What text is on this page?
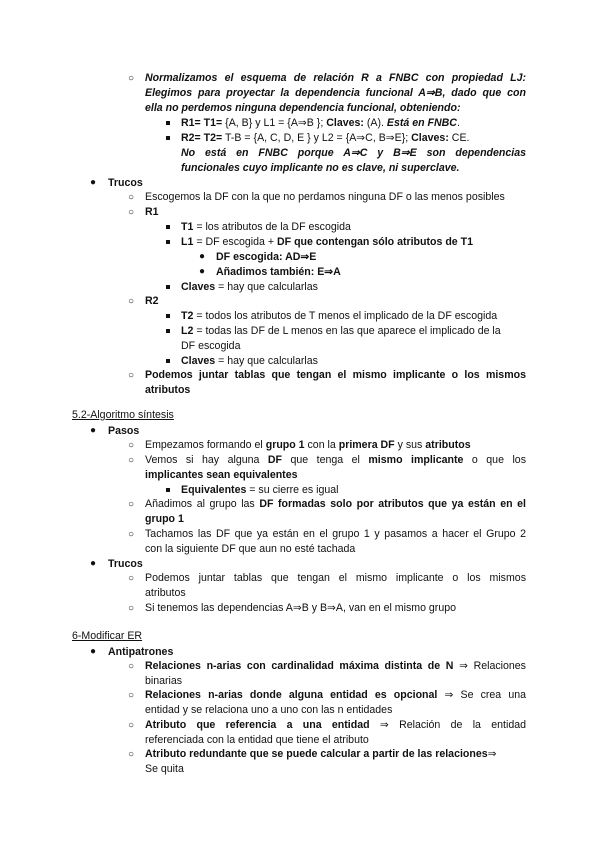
○ Normalizamos el esquema de relación R a FNBC con propiedad LJ:
Elegimos para proyectar la dependencia funcional A⇒B, dado que con
ella no perdemos ninguna dependencia funcional, obteniendo:
R1= T1= {A, B} y L1 = {A⇒B }; Claves: (A). Está en FNBC.
R2= T2= T-B = {A, C, D, E } y L2 = {A⇒C, B⇒E}; Claves: CE.
No está en FNBC porque A⇒C y B⇒E son dependencias
funcionales cuyo implicante no es clave, ni superclave.
● Trucos
○ Escogemos la DF con la que no perdamos ninguna DF o las menos posibles
○ R1
T1 = los atributos de la DF escogida
L1 = DF escogida + DF que contengan sólo atributos de T1
● DF escogida: AD⇒E
● Añadimos también: E⇒A
Claves = hay que calcularlas
○ R2
T2 = todos los atributos de T menos el implicado de la DF escogida
L2 = todas las DF de L menos en las que aparece el implicado de la
DF escogida
Claves = hay que calcularlas
○ Podemos juntar tablas que tengan el mismo implicante o los mismos
atributos
5.2-Algoritmo síntesis
● Pasos
○ Empezamos formando el grupo 1 con la primera DF y sus atributos
○ Vemos si hay alguna DF que tenga el mismo implicante o que los
implicantes sean equivalentes
Equivalentes = su cierre es igual
○ Añadimos al grupo las DF formadas solo por atributos que ya están en el
grupo 1
○ Tachamos las DF que ya están en el grupo 1 y pasamos a hacer el Grupo 2
con la siguiente DF que aun no esté tachada
● Trucos
○ Podemos juntar tablas que tengan el mismo implicante o los mismos
atributos
○ Si tenemos las dependencias A⇒B y B⇒A, van en el mismo grupo
6-Modificar ER
● Antipatrones
○ Relaciones n-arias con cardinalidad máxima distinta de N ⇒ Relaciones
binarias
○ Relaciones n-arias donde alguna entidad es opcional ⇒ Se crea una
entidad y se relaciona uno a uno con las n entidades
○ Atributo que referencia a una entidad ⇒ Relación de la entidad
referenciada con la entidad que tiene el atributo
○ Atributo redundante que se puede calcular a partir de las relaciones⇒
Se quita
